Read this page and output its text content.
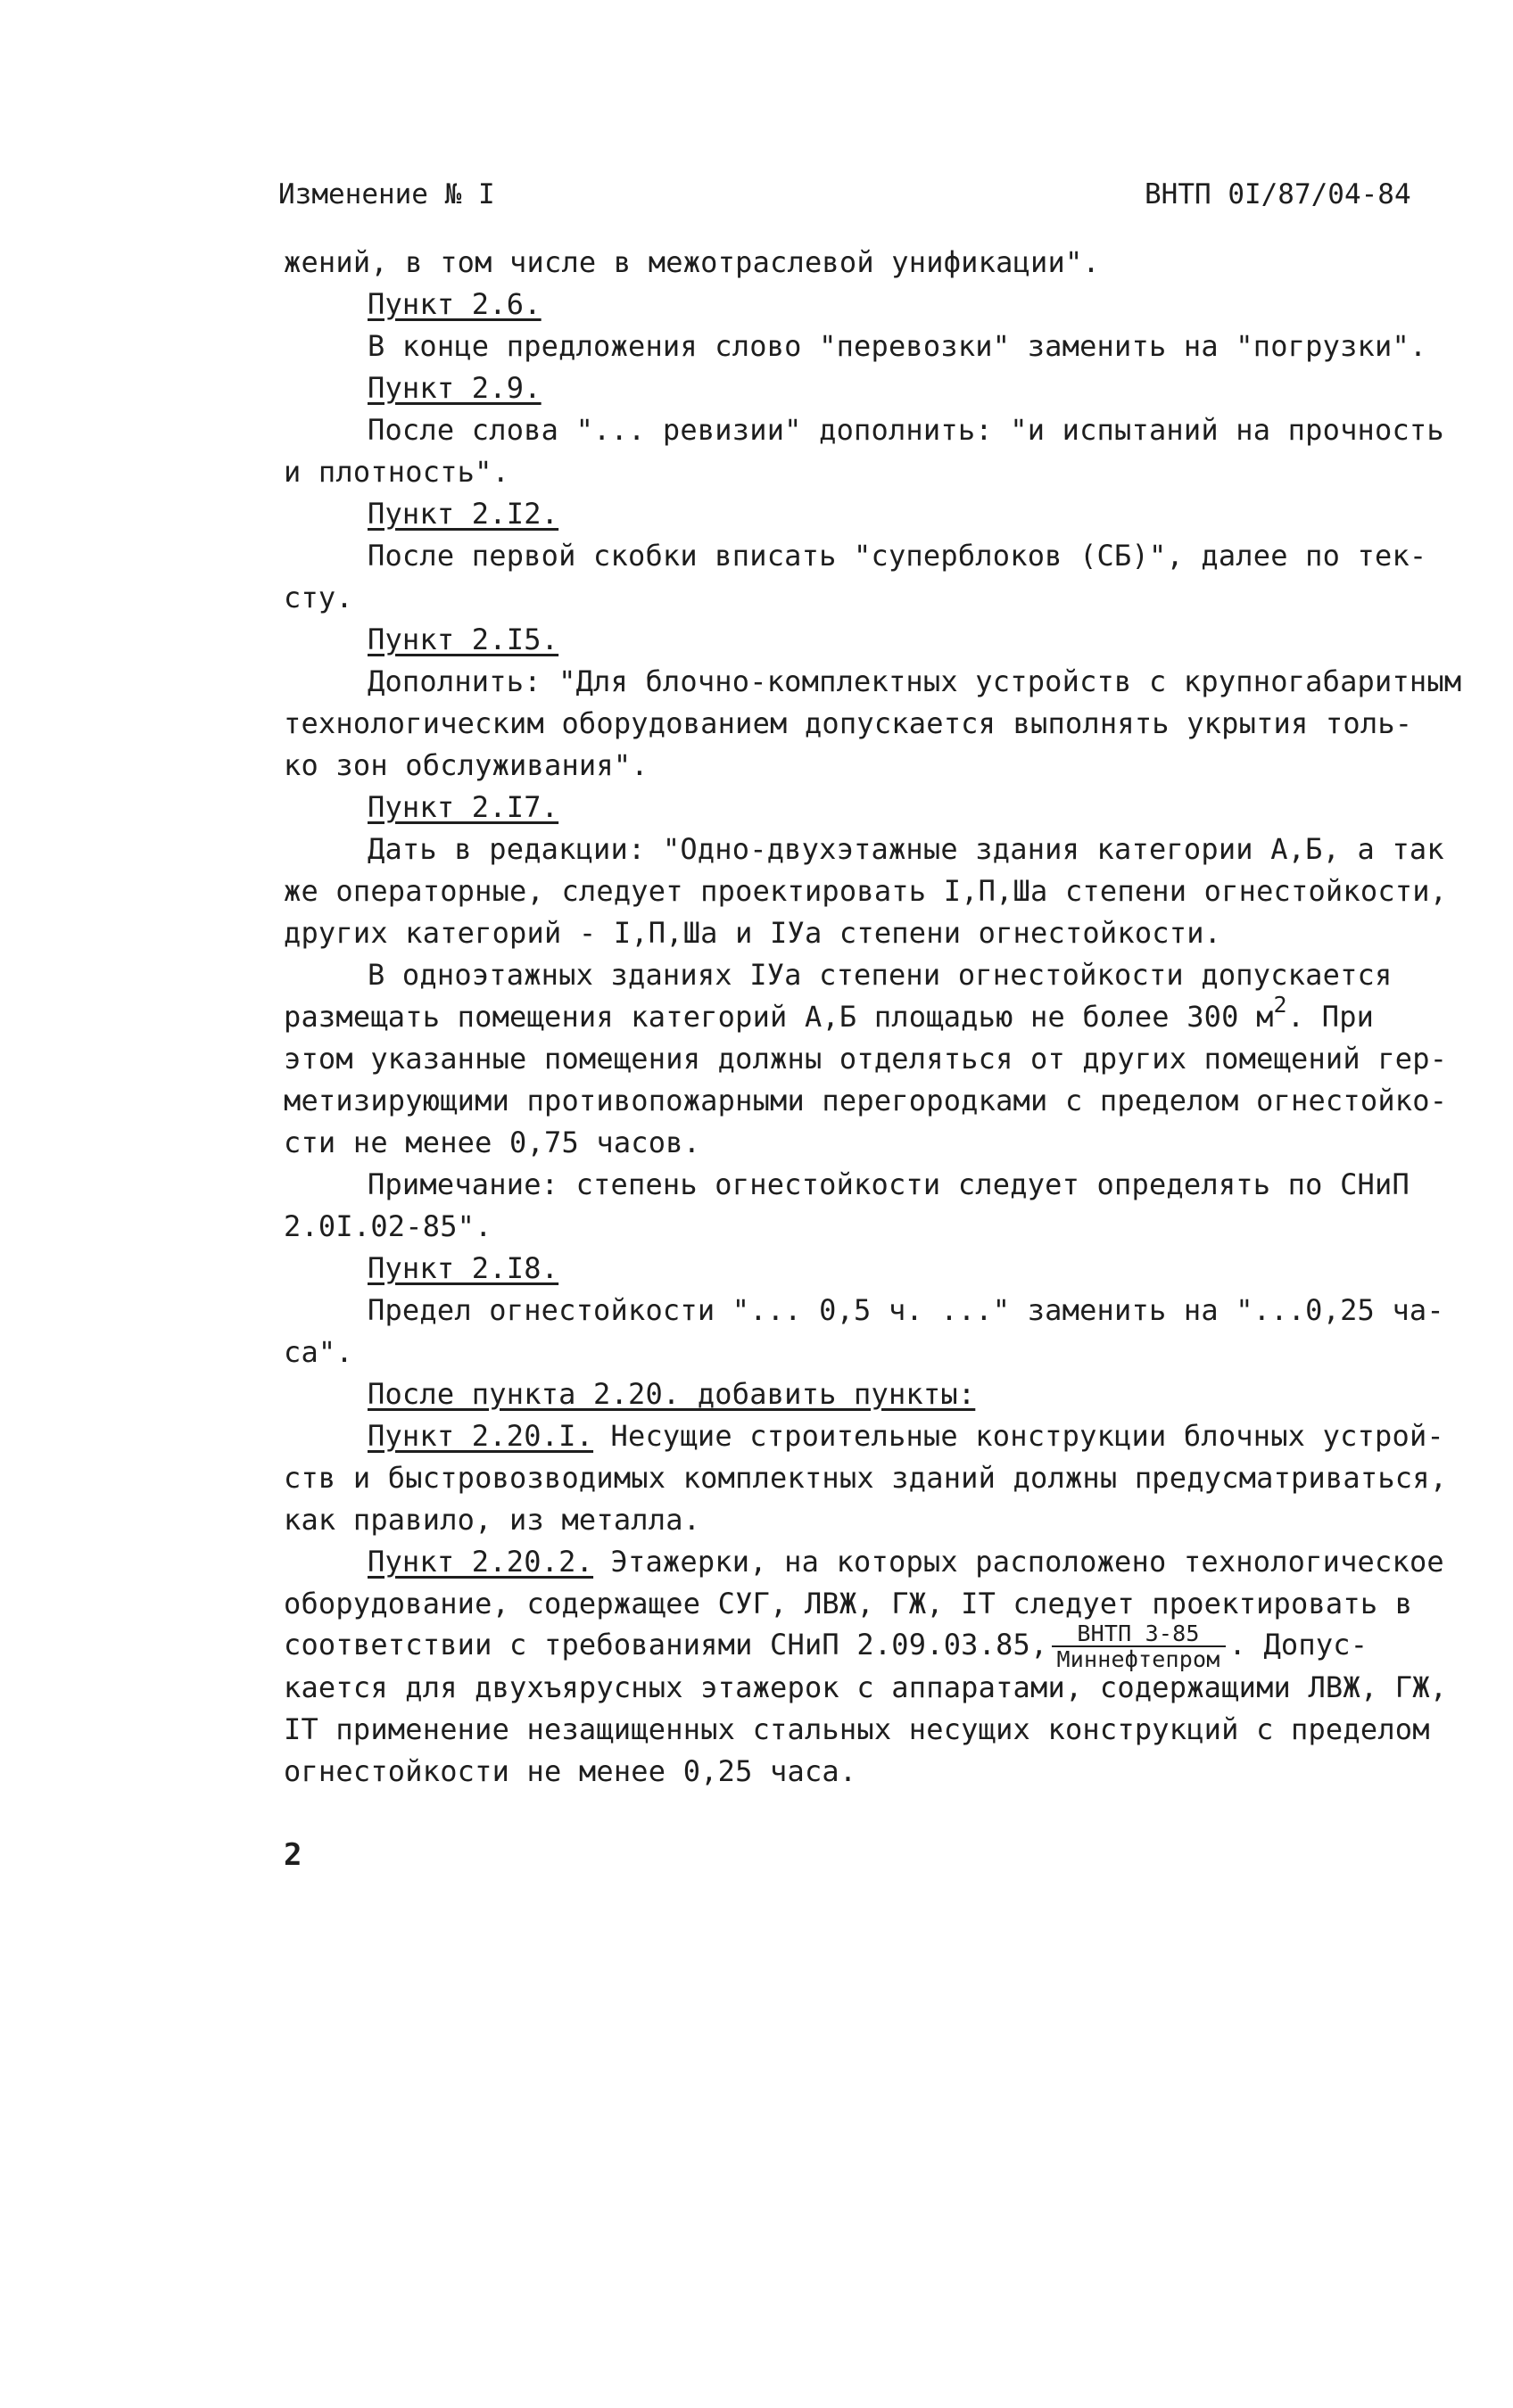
Изменение № I	ВНТП 0I/87/04-84
жений, в том числе в межотраслевой унификации".
Пункт 2.6.
В конце предложения слово "перевозки" заменить на "погрузки".
Пункт 2.9.
После слова "... ревизии" дополнить: "и испытаний на прочность
и плотность".
Пункт 2.I2.
После первой скобки вписать "суперблоков (СБ)", далее по тек-
сту.
Пункт 2.I5.
Дополнить: "Для блочно-комплектных устройств с крупногабаритным
технологическим оборудованием допускается выполнять укрытия толь-
ко зон обслуживания".
Пункт 2.I7.
Дать в редакции: "Одно-двухэтажные здания категории А,Б, а так
же операторные, следует проектировать I,П,Ша степени огнестойкости,
других категорий - I,П,Ша и IУа степени огнестойкости.
В одноэтажных зданиях IУа степени огнестойкости допускается
размещать помещения категорий А,Б площадью не более 300 $м^2$. При
этом указанные помещения должны отделяться от других помещений гер-
метизирующими противопожарными перегородками с пределом огнестойко-
сти не менее 0,75 часов.
Примечание: степень огнестойкости следует определять по СНиП
2.0I.02-85".
Пункт 2.I8.
Предел огнестойкости "... 0,5 ч. ..." заменить на "...0,25 ча-
са".
После пункта 2.20. добавить пункты:
Пункт 2.20.I. Несущие строительные конструкции блочных устрой-
ств и быстровозводимых комплектных зданий должны предусматриваться,
как правило, из металла.
Пункт 2.20.2. Этажерки, на которых расположено технологическое
оборудование, содержащее СУГ, ЛВЖ, ГЖ, IТ следует проектировать в
соответствии с требованиями СНиП 2.09.03.85, $\frac{\text{ВНТП 3-85}}{\text{Миннефтепром}}$ . Допус-
кается для двухъярусных этажерок с аппаратами, содержащими ЛВЖ, ГЖ,
IТ применение незащищенных стальных несущих конструкций с пределом
огнестойкости не менее 0,25 часа.
2
